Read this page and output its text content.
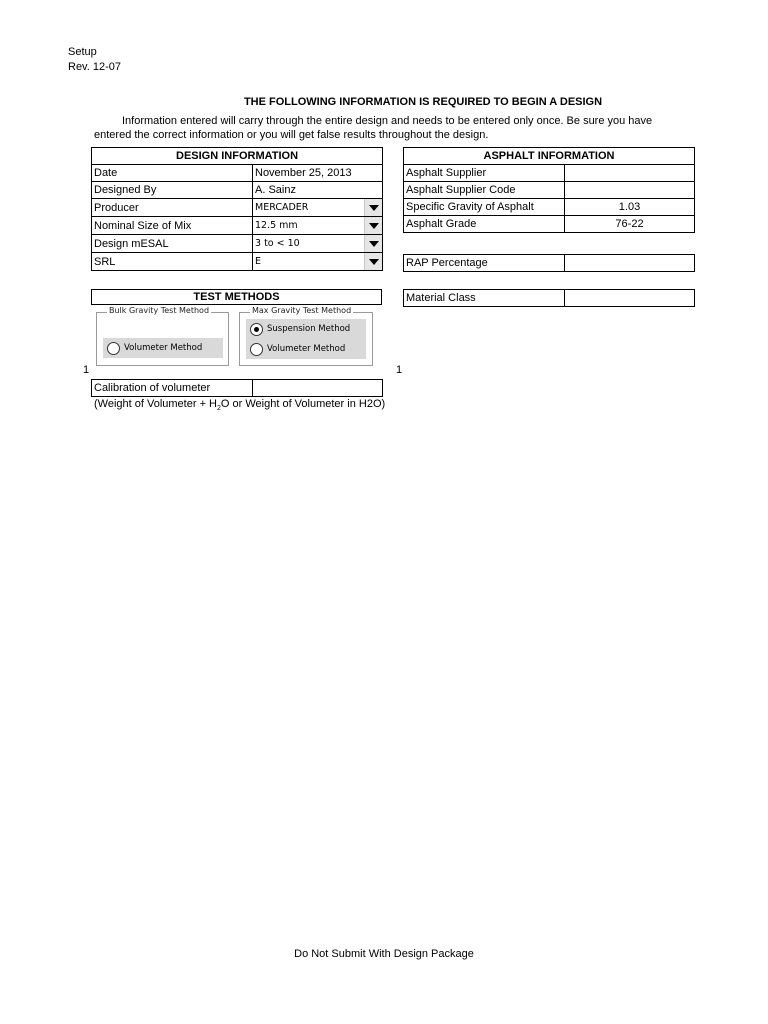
Setup
Rev. 12-07
THE FOLLOWING INFORMATION IS REQUIRED TO BEGIN A DESIGN
Information entered will carry through the entire design and needs to be entered only once. Be sure you have
entered the correct information or you will get false results throughout the design.
DESIGN INFORMATION	
Date	November 25, 2013
Designed By	A. Sainz
Producer	MERCADER

Nominal Size of Mix	12.5 mm

Design mESAL	3 to < 10

SRL	E
ASPHALT INFORMATION	
Asphalt Supplier	
Asphalt Supplier Code	
Specific Gravity of Asphalt	1.03
Asphalt Grade	76-22
RAP Percentage	
Material Class	
TEST METHODS
Bulk Gravity Test Method
Volumeter Method
Max Gravity Test Method
Suspension Method
Volumeter Method
1	1
Calibration of volumeter	
(Weight of Volumeter + $H_2O$ or Weight of Volumeter in H2O)
Do Not Submit With Design Package
